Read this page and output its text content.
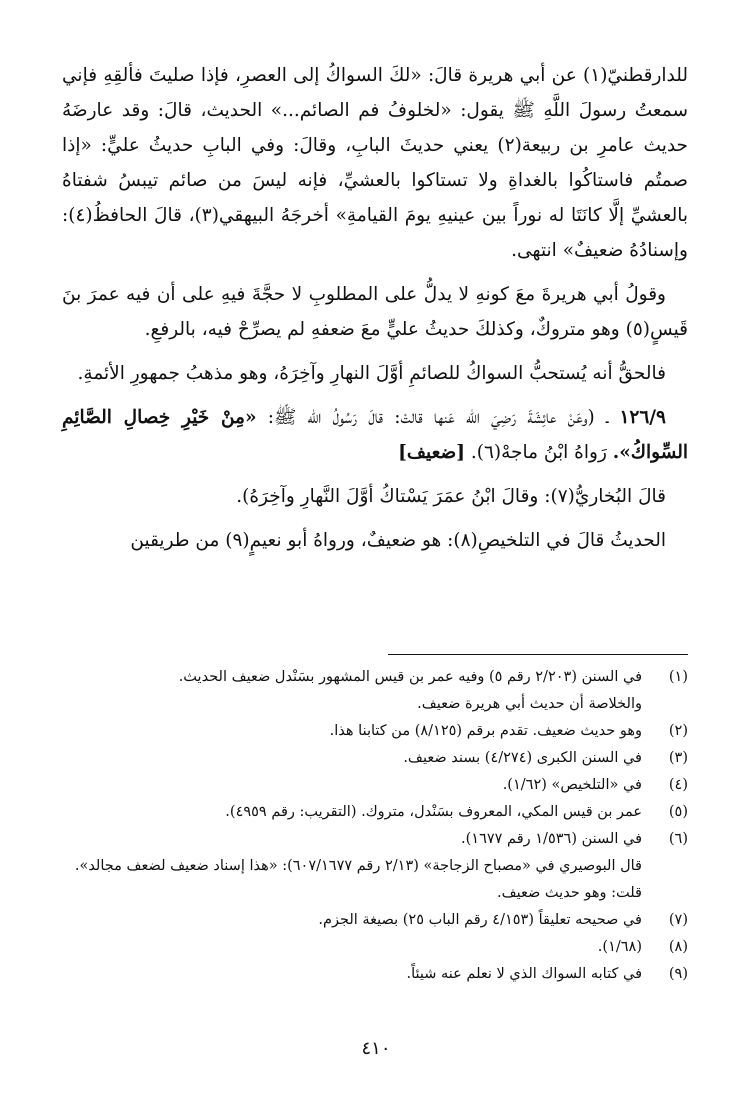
للدارقطنيّ(١) عن أبي هريرة قالَ: «لكَ السواكُ إلى العصرِ، فإذا صليتَ فألقِهِ فإني سمعتُ رسولَ اللَّهِ ﷺ يقول: «لخلوفُ فم الصائم...» الحديث، قالَ: وقد عارضَهُ حديث عامرِ بن ربيعة(٢) يعني حديثَ البابِ، وقالَ: وفي البابِ حديثُ عليٍّ: «إذا صمتُم فاستاكُوا بالغداةِ ولا تستاكوا بالعشيِّ، فإنه ليسَ من صائم تيبسُ شفتاهُ بالعشيِّ إلَّا كانَتَا له نوراً بين عينيهِ يومَ القيامةِ» أخرجَهُ البيهقي(٣)، قالَ الحافظُ(٤): وإسنادُهُ ضعيفٌ» انتهى.

وقولُ أبي هريرةَ معَ كونهِ لا يدلُّ على المطلوبِ لا حجَّةَ فيهِ على أن فيه عمرَ بنَ قَيسٍ(٥) وهو متروكٌ، وكذلكَ حديثُ عليٍّ معَ ضعفهِ لم يصرِّحْ فيه، بالرفعِ.

فالحقُّ أنه يُستحبُّ السواكُ للصائمِ أوَّلَ النهارِ وآخِرَهُ، وهو مذهبُ جمهورِ الأئمةِ.

١٢٦/٩ ـ (وعَنْ عائِشَةَ رَضِيَ الله عَنها قالتْ: قالَ رَسُولُ الله ﷺ: «مِنْ خَيْرِ خِصالِ الصَّائِمِ السِّواكُ». رَواهُ ابْنُ ماجهْ(٦). [ضعيف]

قالَ البُخاريُّ(٧): وقالَ ابْنُ عمَرَ يَسْتاكُ أوَّلَ النَّهارِ وآخِرَهُ).

الحديثُ قالَ في التلخيصِ(٨): هو ضعيفٌ، ورواهُ أبو نعيمٍ(٩) من طريقين

(١)
في السنن (٢/٢٠٣ رقم ٥) وفيه عمر بن قيس المشهور بسَنْدل ضعيف الحديث.
والخلاصة أن حديث أبي هريرة ضعيف.
(٢)
وهو حديث ضعيف. تقدم برقم (٨/١٢٥) من كتابنا هذا.
(٣)
في السنن الكبرى (٤/٢٧٤) بسند ضعيف.
(٤)
في «التلخيص» (١/٦٢).
(٥)
عمر بن قيس المكي، المعروف بسَنْدل، متروك. (التقريب: رقم ٤٩٥٩).
(٦)
في السنن (١/٥٣٦ رقم ١٦٧٧).
قال البوصيري في «مصباح الزجاجة» (٢/١٣ رقم ٦٠٧/١٦٧٧): «هذا إسناد ضعيف لضعف مجالد».
قلت: وهو حديث ضعيف.
(٧)
في صحيحه تعليقاً (٤/١٥٣ رقم الباب ٢٥) بصيغة الجزم.
(٨)
(١/٦٨).
(٩)
في كتابه السواك الذي لا نعلم عنه شيئاً.
٤١٠
